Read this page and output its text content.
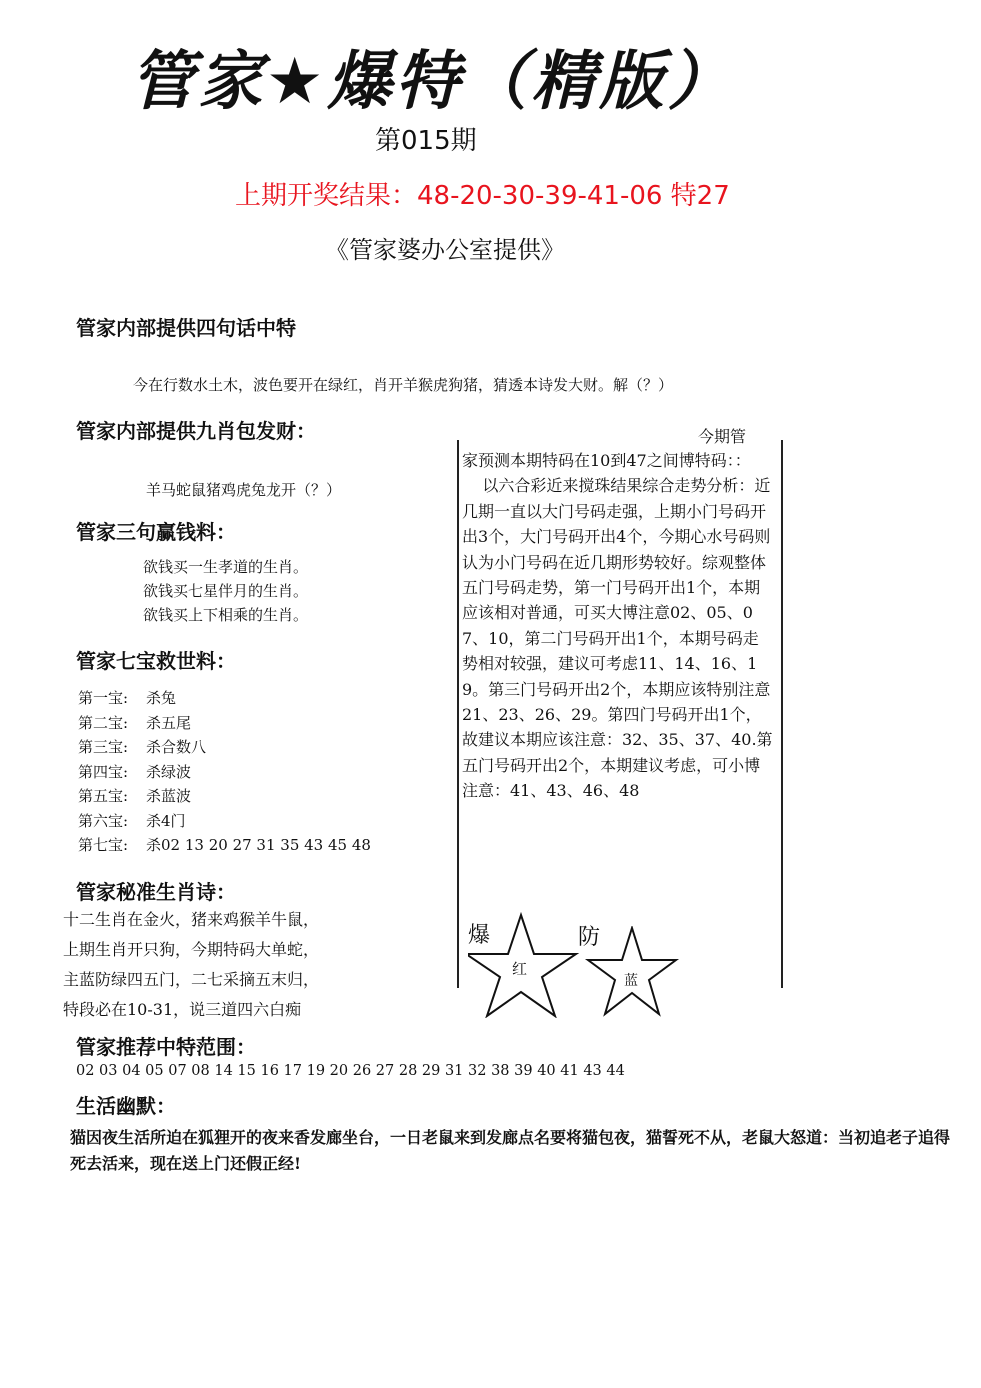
管家★爆特（精版）
第015期
上期开奖结果：48-20-30-39-41-06 特27
《管家婆办公室提供》
管家内部提供四句话中特
今在行数水土木，波色要开在绿红，肖开羊猴虎狗猪，猜透本诗发大财。解（？）
管家内部提供九肖包发财：
羊马蛇鼠猪鸡虎兔龙开（？）
管家三句赢钱料：
欲钱买一生孝道的生肖。
欲钱买七星伴月的生肖。
欲钱买上下相乘的生肖。
管家七宝救世料：
第一宝: 杀兔
第二宝: 杀五尾
第三宝: 杀合数八
第四宝: 杀绿波
第五宝: 杀蓝波
第六宝: 杀4门
第七宝: 杀02 13 20 27 31 35 43 45 48
管家秘准生肖诗：
十二生肖在金火，猪来鸡猴羊牛鼠，
上期生肖开只狗，今期特码大单蛇，
主蓝防绿四五门，二七采摘五末归，
特段必在10-31，说三道四六白痴
今期管
家预测本期特码在10到47之间博特码：：
以六合彩近来搅珠结果综合走势分析：近几期一直以大门号码走强，上期小门号码开出3个，大门号码开出4个，今期心水号码则认为小门号码在近几期形势较好。综观整体五门号码走势，第一门号码开出1个，本期应该相对普通，可买大博注意02、05、07、10，第二门号码开出1个，本期号码走势相对较强，建议可考虑11、14、16、19。第三门号码开出2个，本期应该特别注意21、23、26、29。第四门号码开出1个，故建议本期应该注意：32、35、37、40.第五门号码开出2个，本期建议考虑，可小博注意：41、43、46、48
爆
红
防
蓝
管家推荐中特范围：
02 03 04 05 07 08 14 15 16 17 19 20 26 27 28 29 31 32 38 39 40 41 43 44
生活幽默：
猫因夜生活所迫在狐狸开的夜来香发廊坐台，一日老鼠来到发廊点名要将猫包夜，猫誓死不从，老鼠大怒道：当初追老子追得死去活来，现在送上门还假正经!
